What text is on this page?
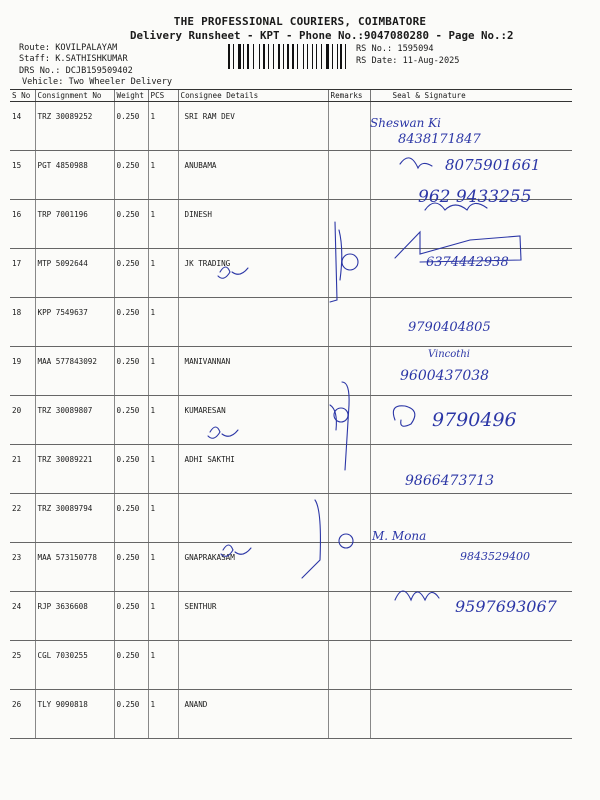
THE PROFESSIONAL COURIERS, COIMBATORE
Delivery Runsheet - KPT - Phone No.:9047080280 - Page No.:2
Route: KOVILPALAYAM
Staff: K.SATHISHKUMAR
DRS No.: DCJB159509402
Vehicle: Two Wheeler Delivery
RS No.: 1595094
RS Date: 11-Aug-2025
S No	Consignment No	Weight	PCS	Consignee Details	Remarks	Seal & Signature
14	TRZ 30089252	0.250	1	SRI RAM DEV		
15	PGT 4850988	0.250	1	ANUBAMA		
16	TRP 7001196	0.250	1	DINESH		
17	MTP 5092644	0.250	1	JK TRADING		
18	KPP 7549637	0.250	1			
19	MAA 577843092	0.250	1	MANIVANNAN		
20	TRZ 30089807	0.250	1	KUMARESAN		
21	TRZ 30089221	0.250	1	ADHI SAKTHI		
22	TRZ 30089794	0.250	1			
23	MAA 573150778	0.250	1	GNAPRAKASAM		
24	RJP 3636608	0.250	1	SENTHUR		
25	CGL 7030255	0.250	1			
26	TLY 9090818	0.250	1	ANAND		
Sheswan Ki
8438171847
8075901661
962 9433255
6374442938
9790404805
Vincothi
9600437038
9790496
9866473713
M. Mona
9843529400
9597693067
